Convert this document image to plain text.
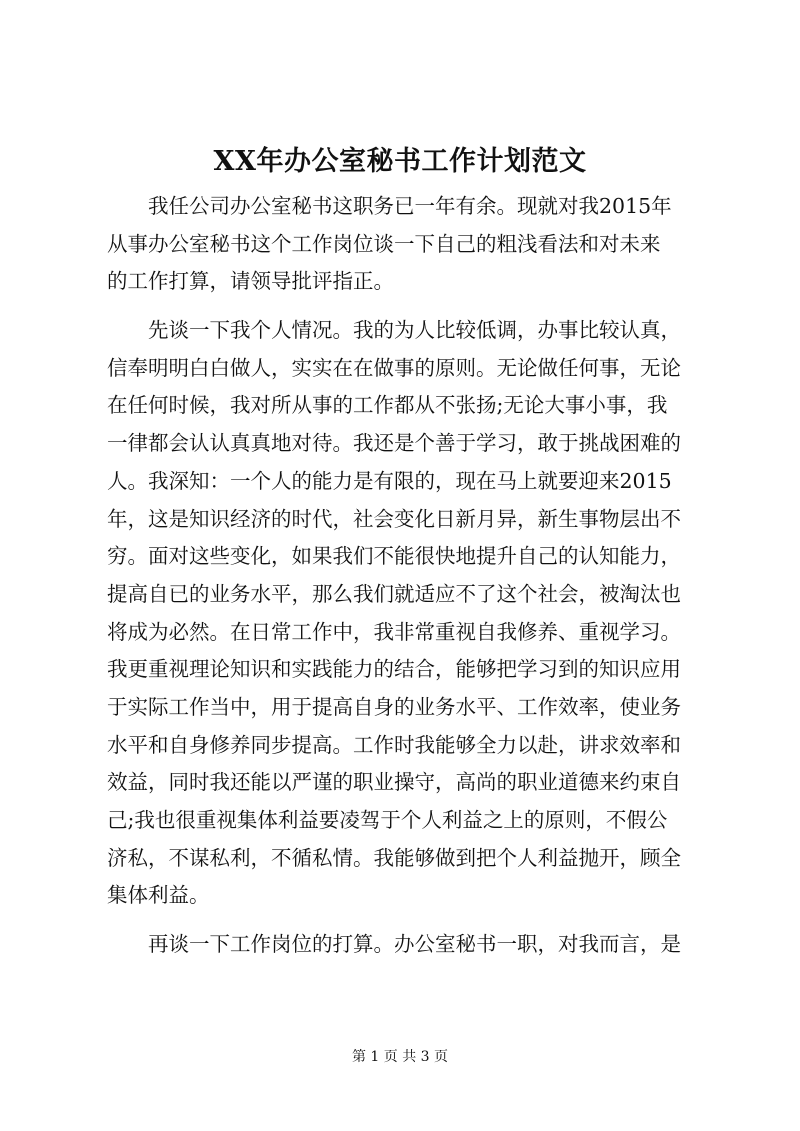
XX年办公室秘书工作计划范文
　　我任公司办公室秘书这职务已一年有余。现就对我2015年
从事办公室秘书这个工作岗位谈一下自己的粗浅看法和对未来
的工作打算，请领导批评指正。
　　先谈一下我个人情况。我的为人比较低调，办事比较认真，
信奉明明白白做人，实实在在做事的原则。无论做任何事，无论
在任何时候，我对所从事的工作都从不张扬;无论大事小事，我
一律都会认认真真地对待。我还是个善于学习，敢于挑战困难的
人。我深知：一个人的能力是有限的，现在马上就要迎来2015
年，这是知识经济的时代，社会变化日新月异，新生事物层出不
穷。面对这些变化，如果我们不能很快地提升自己的认知能力，
提高自已的业务水平，那么我们就适应不了这个社会，被淘汰也
将成为必然。在日常工作中，我非常重视自我修养、重视学习。
我更重视理论知识和实践能力的结合，能够把学习到的知识应用
于实际工作当中，用于提高自身的业务水平、工作效率，使业务
水平和自身修养同步提高。工作时我能够全力以赴，讲求效率和
效益，同时我还能以严谨的职业操守，高尚的职业道德来约束自
己;我也很重视集体利益要凌驾于个人利益之上的原则，不假公
济私，不谋私利，不循私情。我能够做到把个人利益抛开，顾全
集体利益。
　　再谈一下工作岗位的打算。办公室秘书一职，对我而言，是
第 1 页 共 3 页
